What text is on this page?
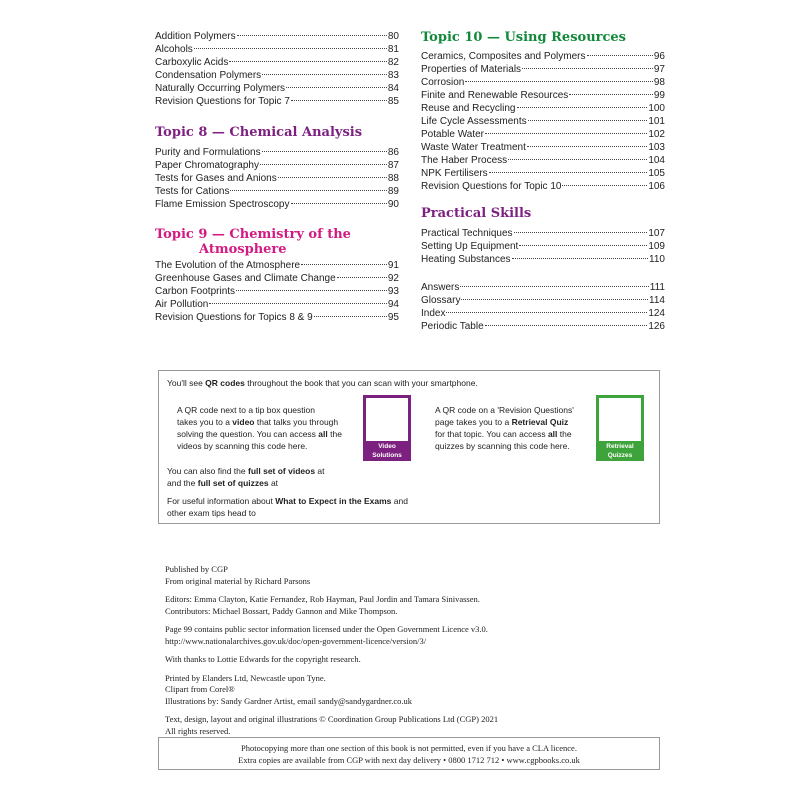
Addition Polymers	80
Alcohols	81
Carboxylic Acids	82
Condensation Polymers	83
Naturally Occurring Polymers	84
Revision Questions for Topic 7	85
Topic 8 — Chemical Analysis
Purity and Formulations	86
Paper Chromatography	87
Tests for Gases and Anions	88
Tests for Cations	89
Flame Emission Spectroscopy	90
Topic 9 — Chemistry of the
Atmosphere
The Evolution of the Atmosphere	91
Greenhouse Gases and Climate Change	92
Carbon Footprints	93
Air Pollution	94
Revision Questions for Topics 8 & 9	95
Topic 10 — Using Resources
Ceramics, Composites and Polymers	96
Properties of Materials	97
Corrosion	98
Finite and Renewable Resources	99
Reuse and Recycling	100
Life Cycle Assessments	101
Potable Water	102
Waste Water Treatment	103
The Haber Process	104
NPK Fertilisers	105
Revision Questions for Topic 10	106
Practical Skills
Practical Techniques	107
Setting Up Equipment	109
Heating Substances	110
Answers	111
Glossary	114
Index	124
Periodic Table	126
You'll see QR codes throughout the book that you can scan with your smartphone.
A QR code next to a tip box question
takes you to a video that talks you through
solving the question. You can access all the
videos by scanning this code here.	Video
Solutions
A QR code on a 'Revision Questions'
page takes you to a Retrieval Quiz
for that topic. You can access all the
quizzes by scanning this code here.	Retrieval
Quizzes
You can also find the full set of videos at
and the full set of quizzes at
For useful information about What to Expect in the Exams and
other exam tips head to
Published by CGP
From original material by Richard Parsons
Editors: Emma Clayton, Katie Fernandez, Rob Hayman, Paul Jordin and Tamara Sinivassen.
Contributors: Michael Bossart, Paddy Gannon and Mike Thompson.
Page 99 contains public sector information licensed under the Open Government Licence v3.0.
http://www.nationalarchives.gov.uk/doc/open-government-licence/version/3/
With thanks to Lottie Edwards for the copyright research.
Printed by Elanders Ltd, Newcastle upon Tyne.
Clipart from Corel®
Illustrations by: Sandy Gardner Artist, email sandy@sandygardner.co.uk
Text, design, layout and original illustrations © Coordination Group Publications Ltd (CGP) 2021
All rights reserved.
Photocopying more than one section of this book is not permitted, even if you have a CLA licence.
Extra copies are available from CGP with next day delivery • 0800 1712 712 • www.cgpbooks.co.uk
